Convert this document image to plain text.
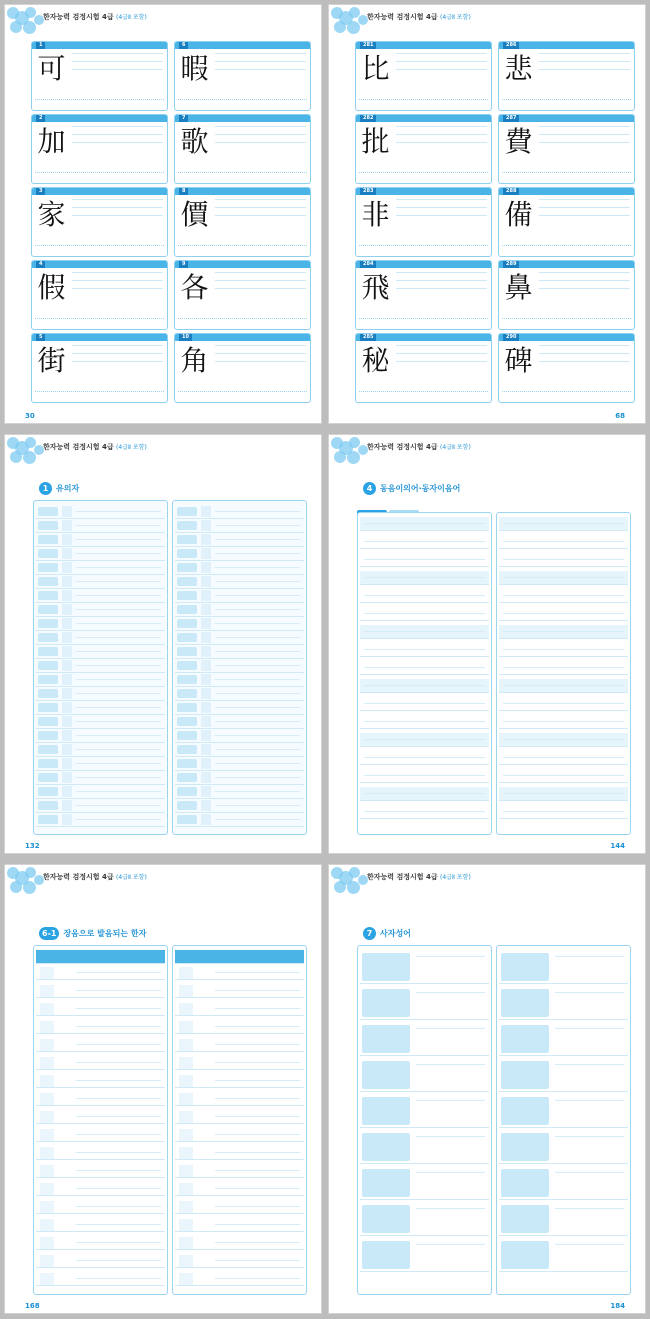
한자능력 검정시험 4급 (4급Ⅱ 포함)
1
可
6
暇
2
加
7
歌
3
家
8
價
4
假
9
各
5
街
10
角
30
한자능력 검정시험 4급 (4급Ⅱ 포함)
281
比
286
悲
282
批
287
費
283
非
288
備
284
飛
289
鼻
285
秘
290
碑
68
한자능력 검정시험 4급 (4급Ⅱ 포함)
1 유의자
132
한자능력 검정시험 4급 (4급Ⅱ 포함)
4 동음이의어·동자이음어
144
한자능력 검정시험 4급 (4급Ⅱ 포함)
6-1 장음으로 발음되는 한자
168
한자능력 검정시험 4급 (4급Ⅱ 포함)
7 사자성어
184
